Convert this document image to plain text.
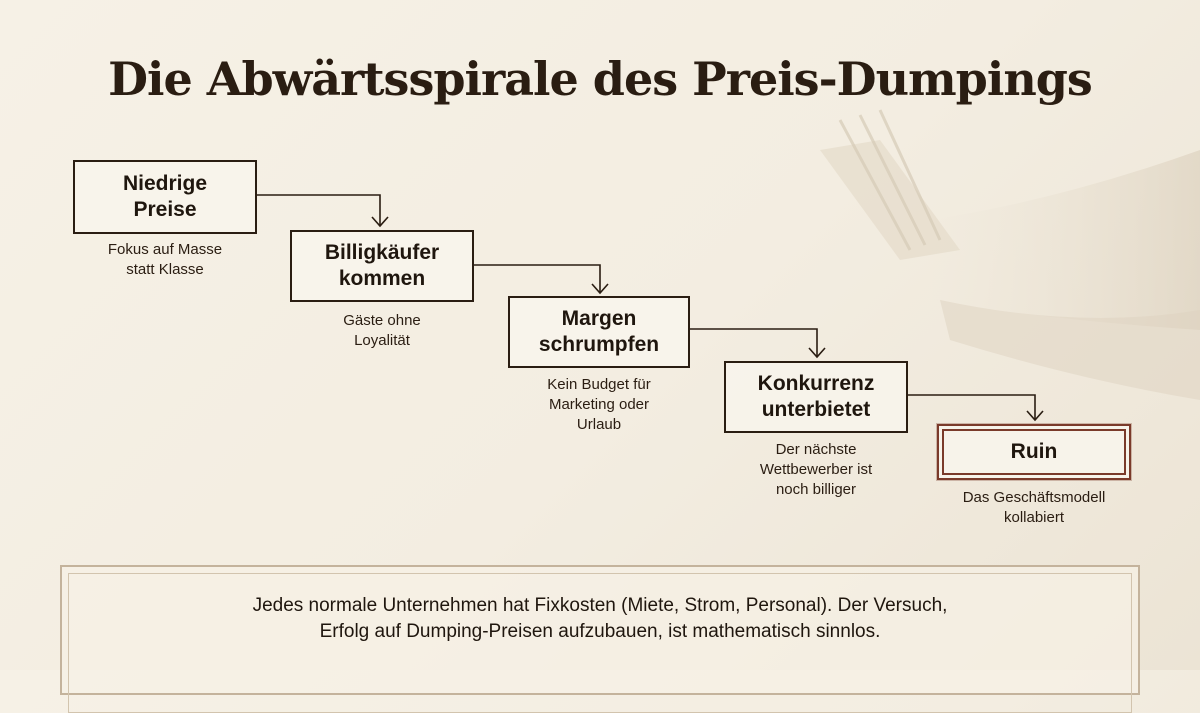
Die Abwärtsspirale des Preis-Dumpings
Niedrige
Preise
Fokus auf Masse
statt Klasse
Billigkäufer
kommen
Gäste ohne
Loyalität
Margen
schrumpfen
Kein Budget für
Marketing oder
Urlaub
Konkurrenz
unterbietet
Der nächste
Wettbewerber ist
noch billiger
Ruin
Das Geschäftsmodell
kollabiert
Jedes normale Unternehmen hat Fixkosten (Miete, Strom, Personal). Der Versuch,
Erfolg auf Dumping-Preisen aufzubauen, ist mathematisch sinnlos.
